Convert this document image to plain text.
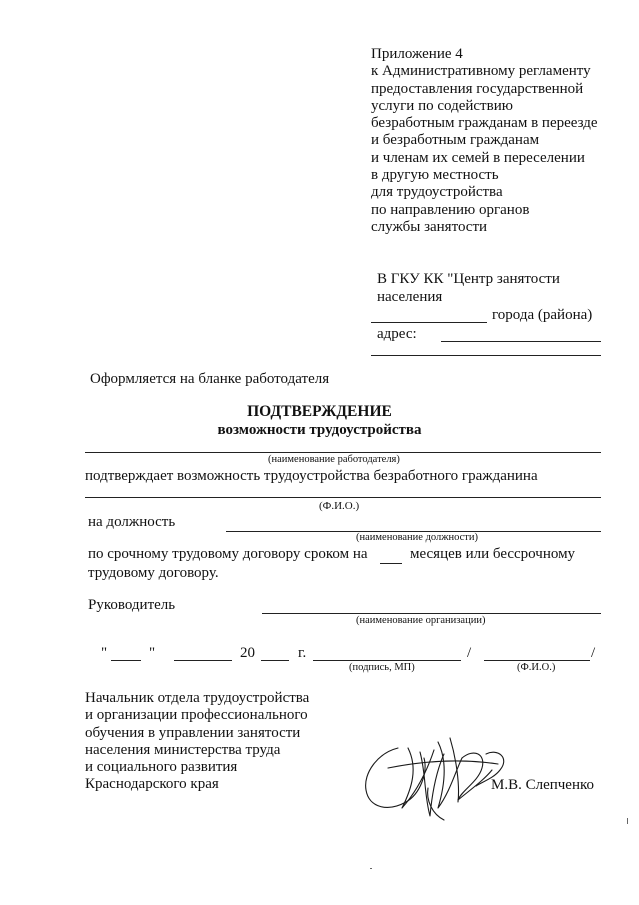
Приложение 4
к Административному регламенту
предоставления государственной
услуги по содействию
безработным гражданам в переезде
и безработным гражданам
и членам их семей в переселении
в другую местность
для трудоустройства
по направлению органов
службы занятости
В ГКУ КК "Центр занятости
населения
города (района)
адрес:
Оформляется на бланке работодателя
ПОДТВЕРЖДЕНИЕ
возможности трудоустройства
(наименование работодателя)
подтверждает возможность трудоустройства безработного гражданина
(Ф.И.О.)
на должность
(наименование должности)
по срочному трудовому договору сроком на	месяцев или бессрочному
трудовому договору.
Руководитель
(наименование организации)
"	"	20	г.	/	/
(подпись, МП)	(Ф.И.О.)
Начальник отдела трудоустройства
и организации профессионального
обучения в управлении занятости
населения министерства труда
и социального развития
Краснодарского края	М.В. Слепченко
